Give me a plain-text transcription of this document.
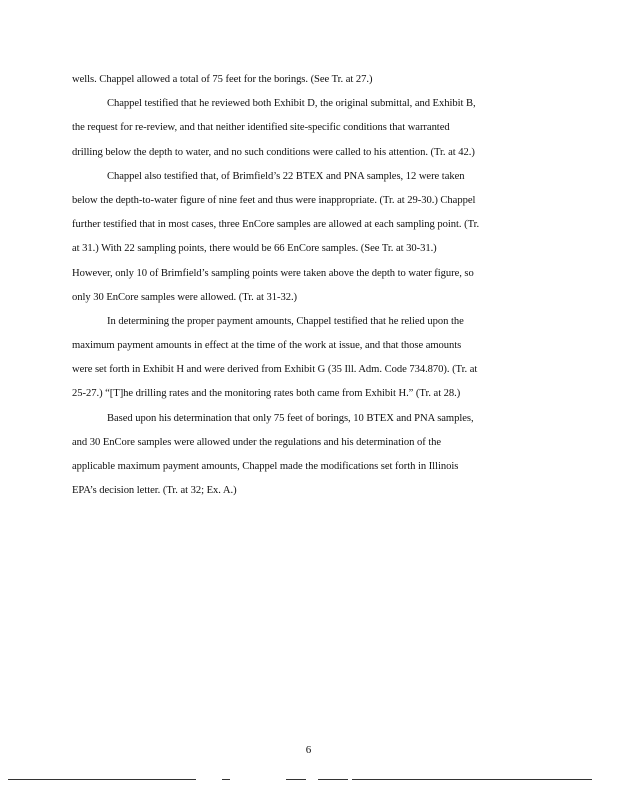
wells. Chappel allowed a total of 75 feet for the borings. (See Tr. at 27.)
Chappel testified that he reviewed both Exhibit D, the original submittal, and Exhibit B,
the request for re-review, and that neither identified site-specific conditions that warranted
drilling below the depth to water, and no such conditions were called to his attention. (Tr. at 42.)
Chappel also testified that, of Brimfield’s 22 BTEX and PNA samples, 12 were taken
below the depth-to-water figure of nine feet and thus were inappropriate. (Tr. at 29-30.) Chappel
further testified that in most cases, three EnCore samples are allowed at each sampling point. (Tr.
at 31.) With 22 sampling points, there would be 66 EnCore samples. (See Tr. at 30-31.)
However, only 10 of Brimfield’s sampling points were taken above the depth to water figure, so
only 30 EnCore samples were allowed. (Tr. at 31-32.)
In determining the proper payment amounts, Chappel testified that he relied upon the
maximum payment amounts in effect at the time of the work at issue, and that those amounts
were set forth in Exhibit H and were derived from Exhibit G (35 Ill. Adm. Code 734.870). (Tr. at
25-27.) “[T]he drilling rates and the monitoring rates both came from Exhibit H.” (Tr. at 28.)
Based upon his determination that only 75 feet of borings, 10 BTEX and PNA samples,
and 30 EnCore samples were allowed under the regulations and his determination of the
applicable maximum payment amounts, Chappel made the modifications set forth in Illinois
EPA’s decision letter. (Tr. at 32; Ex. A.)
6
